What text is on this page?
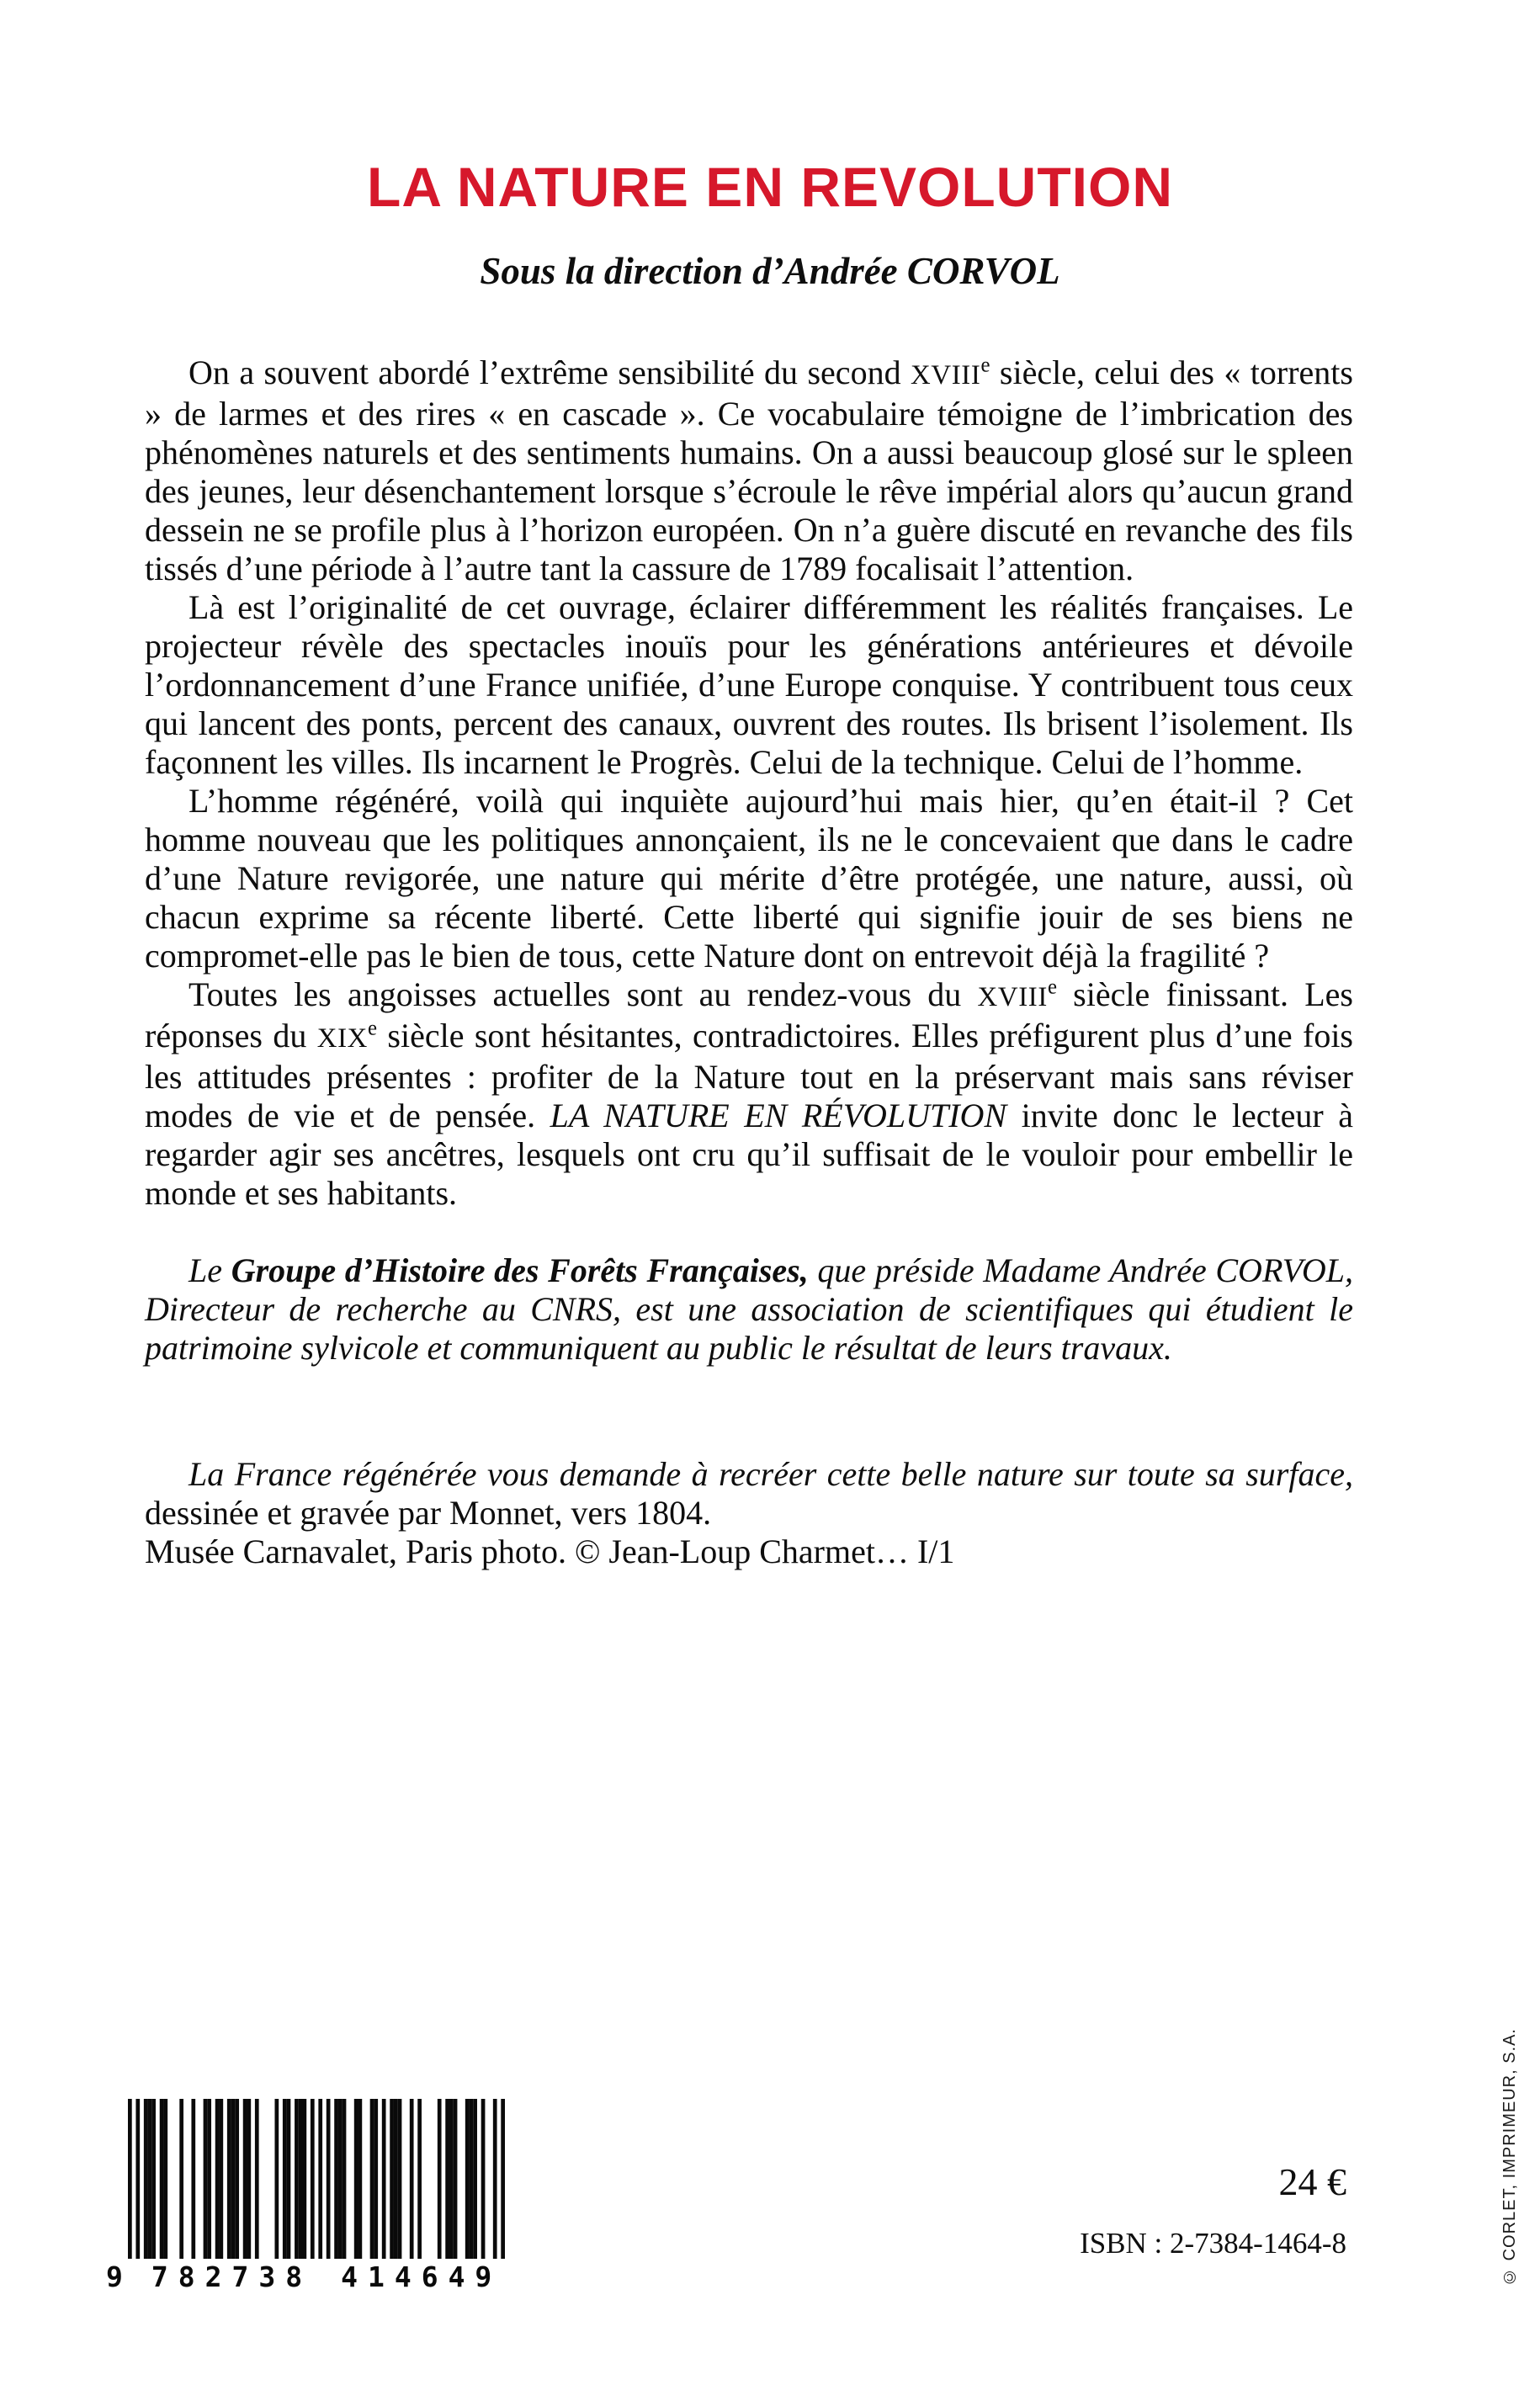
LA NATURE EN REVOLUTION
Sous la direction d’Andrée CORVOL

On a souvent abordé l’extrême sensibilité du second XVIIIe siècle, celui des « torrents » de larmes et des rires « en cascade ». Ce vocabulaire témoigne de l’imbrication des phénomènes naturels et des sentiments humains. On a aussi beaucoup glosé sur le spleen des jeunes, leur désenchantement lorsque s’écroule le rêve impérial alors qu’aucun grand dessein ne se profile plus à l’horizon européen. On n’a guère discuté en revanche des fils tissés d’une période à l’autre tant la cassure de 1789 focalisait l’attention.

Là est l’originalité de cet ouvrage, éclairer différemment les réalités françaises. Le projecteur révèle des spectacles inouïs pour les générations antérieures et dévoile l’ordonnancement d’une France unifiée, d’une Europe conquise. Y contribuent tous ceux qui lancent des ponts, percent des canaux, ouvrent des routes. Ils brisent l’isolement. Ils façonnent les villes. Ils incarnent le Progrès. Celui de la technique. Celui de l’homme.

L’homme régénéré, voilà qui inquiète aujourd’hui mais hier, qu’en était-il ? Cet homme nouveau que les politiques annonçaient, ils ne le concevaient que dans le cadre d’une Nature revigorée, une nature qui mérite d’être protégée, une nature, aussi, où chacun exprime sa récente liberté. Cette liberté qui signifie jouir de ses biens ne compromet-elle pas le bien de tous, cette Nature dont on entrevoit déjà la fragilité ?

Toutes les angoisses actuelles sont au rendez-vous du XVIIIe siècle finissant. Les réponses du XIXe siècle sont hésitantes, contradictoires. Elles préfigurent plus d’une fois les attitudes présentes : profiter de la Nature tout en la préservant mais sans réviser modes de vie et de pensée. LA NATURE EN RÉVOLUTION invite donc le lecteur à regarder agir ses ancêtres, lesquels ont cru qu’il suffisait de le vouloir pour embellir le monde et ses habitants.

Le Groupe d’Histoire des Forêts Françaises, que préside Madame Andrée CORVOL, Directeur de recherche au CNRS, est une association de scientifiques qui étudient le patrimoine sylvicole et communiquent au public le résultat de leurs travaux.

La France régénérée vous demande à recréer cette belle nature sur toute sa surface, dessinée et gravée par Monnet, vers 1804.

Musée Carnavalet, Paris photo. © Jean-Loup Charmet… I/1

9 782738 414649
24 €
ISBN : 2-7384-1464-8	© CORLET, IMPRIMEUR, S.A.
